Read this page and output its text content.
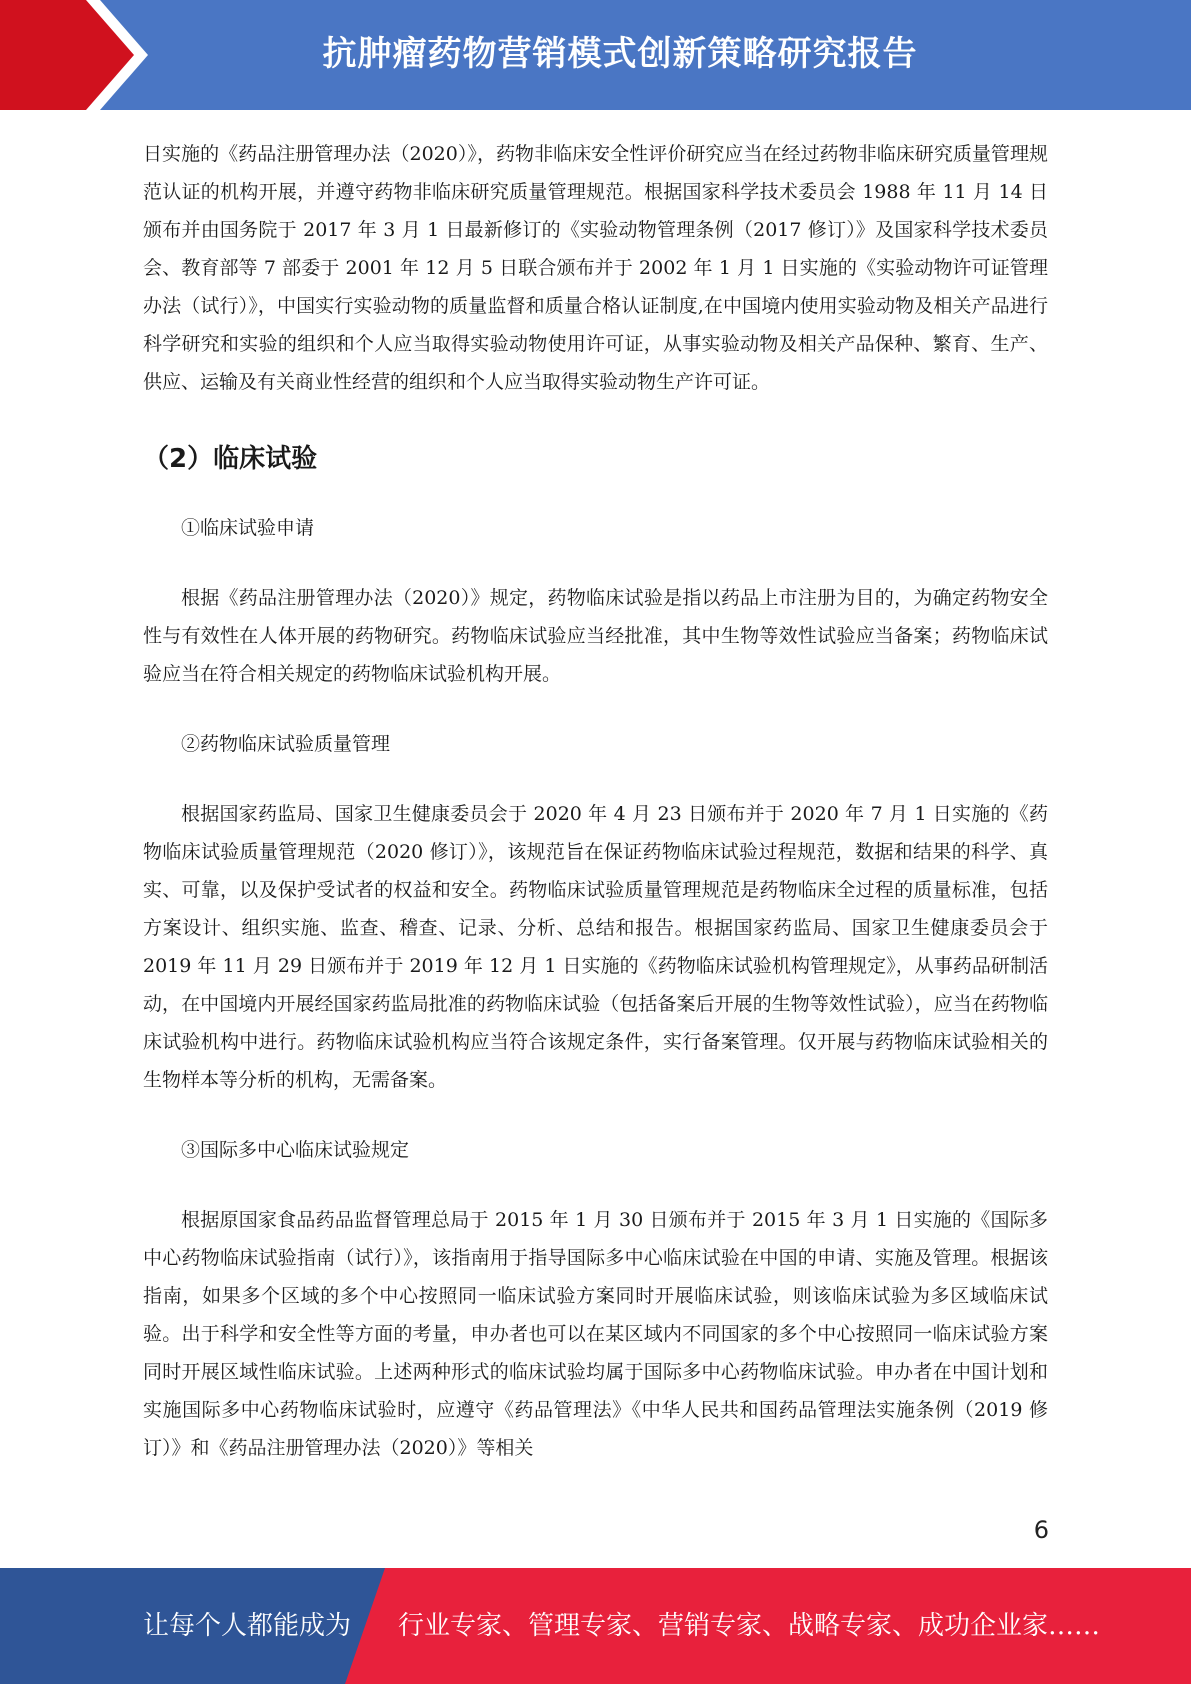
抗肿瘤药物营销模式创新策略研究报告

日实施的《药品注册管理办法（2020）》，药物非临床安全性评价研究应当在经过药物非临床研究质量管理规范认证的机构开展，并遵守药物非临床研究质量管理规范。根据国家科学技术委员会 1988 年 11 月 14 日颁布并由国务院于 2017 年 3 月 1 日最新修订的《实验动物管理条例（2017 修订）》及国家科学技术委员会、教育部等 7 部委于 2001 年 12 月 5 日联合颁布并于 2002 年 1 月 1 日实施的《实验动物许可证管理办法（试行）》，中国实行实验动物的质量监督和质量合格认证制度,在中国境内使用实验动物及相关产品进行科学研究和实验的组织和个人应当取得实验动物使用许可证，从事实验动物及相关产品保种、繁育、生产、供应、运输及有关商业性经营的组织和个人应当取得实验动物生产许可证。

（2）临床试验

①临床试验申请

根据《药品注册管理办法（2020）》规定，药物临床试验是指以药品上市注册为目的，为确定药物安全性与有效性在人体开展的药物研究。药物临床试验应当经批准，其中生物等效性试验应当备案；药物临床试验应当在符合相关规定的药物临床试验机构开展。

②药物临床试验质量管理

根据国家药监局、国家卫生健康委员会于 2020 年 4 月 23 日颁布并于 2020 年 7 月 1 日实施的《药物临床试验质量管理规范（2020 修订）》，该规范旨在保证药物临床试验过程规范，数据和结果的科学、真实、可靠，以及保护受试者的权益和安全。药物临床试验质量管理规范是药物临床全过程的质量标准，包括方案设计、组织实施、监查、稽查、记录、分析、总结和报告。根据国家药监局、国家卫生健康委员会于 2019 年 11 月 29 日颁布并于 2019 年 12 月 1 日实施的《药物临床试验机构管理规定》，从事药品研制活动，在中国境内开展经国家药监局批准的药物临床试验（包括备案后开展的生物等效性试验），应当在药物临床试验机构中进行。药物临床试验机构应当符合该规定条件，实行备案管理。仅开展与药物临床试验相关的生物样本等分析的机构，无需备案。

③国际多中心临床试验规定

根据原国家食品药品监督管理总局于 2015 年 1 月 30 日颁布并于 2015 年 3 月 1 日实施的《国际多中心药物临床试验指南（试行）》，该指南用于指导国际多中心临床试验在中国的申请、实施及管理。根据该指南，如果多个区域的多个中心按照同一临床试验方案同时开展临床试验，则该临床试验为多区域临床试验。出于科学和安全性等方面的考量，申办者也可以在某区域内不同国家的多个中心按照同一临床试验方案同时开展区域性临床试验。上述两种形式的临床试验均属于国际多中心药物临床试验。申办者在中国计划和实施国际多中心药物临床试验时，应遵守《药品管理法》《中华人民共和国药品管理法实施条例（2019 修订）》和《药品注册管理办法（2020）》等相关

6
让每个人都能成为 行业专家、管理专家、营销专家、战略专家、成功企业家……
